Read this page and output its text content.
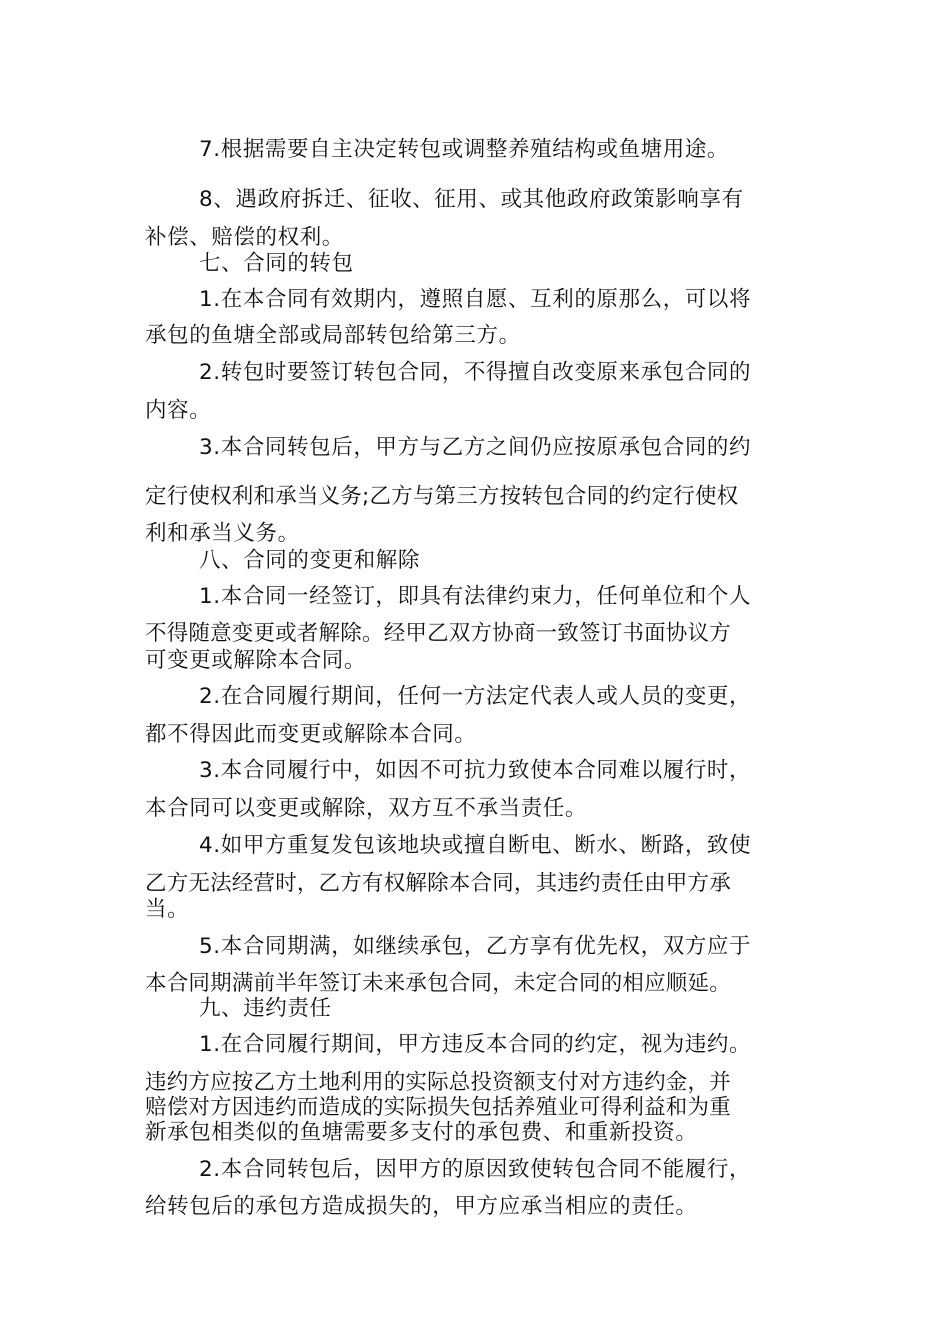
7.根据需要自主决定转包或调整养殖结构或鱼塘用途。
8、遇政府拆迁、征收、征用、或其他政府政策影响享有
补偿、赔偿的权利。
七、合同的转包
1.在本合同有效期内，遵照自愿、互利的原那么，可以将
承包的鱼塘全部或局部转包给第三方。
2.转包时要签订转包合同，不得擅自改变原来承包合同的
内容。
3.本合同转包后，甲方与乙方之间仍应按原承包合同的约
定行使权利和承当义务;乙方与第三方按转包合同的约定行使权
利和承当义务。
八、合同的变更和解除
1.本合同一经签订，即具有法律约束力，任何单位和个人
不得随意变更或者解除。经甲乙双方协商一致签订书面协议方
可变更或解除本合同。
2.在合同履行期间，任何一方法定代表人或人员的变更，
都不得因此而变更或解除本合同。
3.本合同履行中，如因不可抗力致使本合同难以履行时，
本合同可以变更或解除，双方互不承当责任。
4.如甲方重复发包该地块或擅自断电、断水、断路，致使
乙方无法经营时，乙方有权解除本合同，其违约责任由甲方承
当。
5.本合同期满，如继续承包，乙方享有优先权，双方应于
本合同期满前半年签订未来承包合同，未定合同的相应顺延。
九、违约责任
1.在合同履行期间，甲方违反本合同的约定，视为违约。
违约方应按乙方土地利用的实际总投资额支付对方违约金，并
赔偿对方因违约而造成的实际损失包括养殖业可得利益和为重
新承包相类似的鱼塘需要多支付的承包费、和重新投资。
2.本合同转包后，因甲方的原因致使转包合同不能履行，
给转包后的承包方造成损失的，甲方应承当相应的责任。
